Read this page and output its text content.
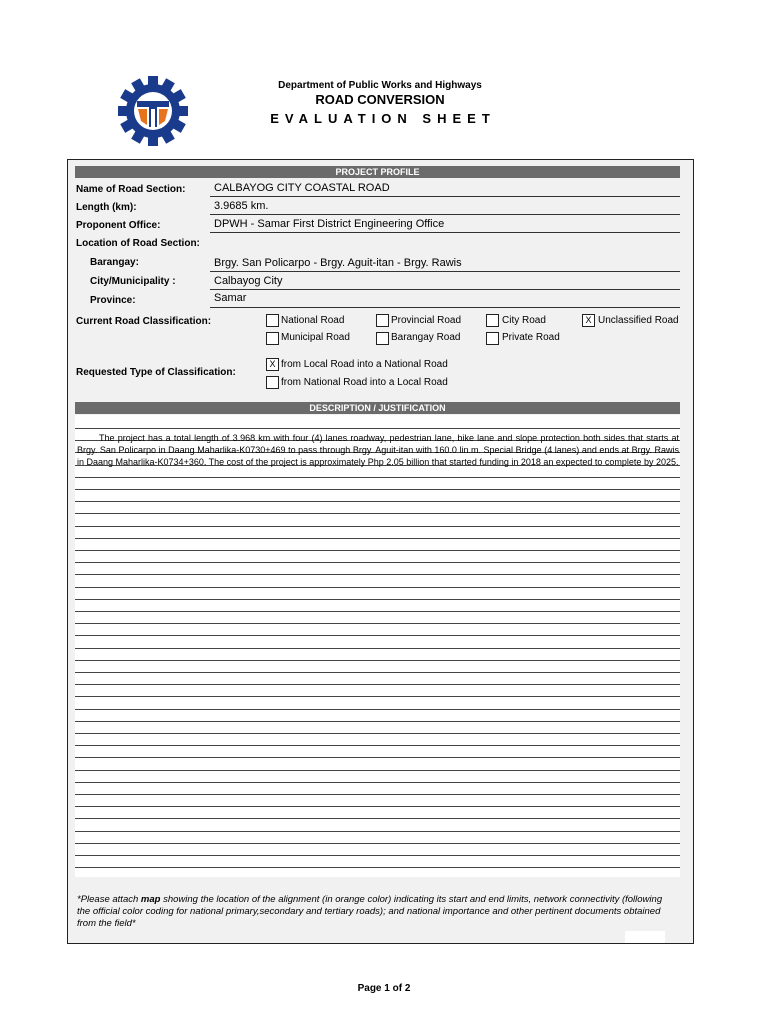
Department of Public Works and Highways
ROAD CONVERSION
EVALUATION SHEET
PROJECT PROFILE
Name of Road Section:	CALBAYOG CITY COASTAL ROAD
Length (km):	3.9685 km.
Proponent Office:	DPWH - Samar First District Engineering Office
Location of Road Section:
Barangay:	Brgy. San Policarpo - Brgy. Aguit-itan - Brgy. Rawis
City/Municipality :	Calbayog City
Province:	Samar
Current Road Classification:	National Road	Provincial Road	City Road	X Unclassified Road
Municipal Road	Barangay Road	Private Road
Requested Type of Classification:
X from Local Road into a National Road
from National Road into a Local Road
DESCRIPTION / JUSTIFICATION
The project has a total length of 3.968 km with four (4) lanes roadway, pedestrian lane, bike lane and slope protection both sides that starts at Brgy. San Policarpo in Daang Maharlika-K0730+469 to pass through Brgy. Aguit-itan with 160.0 lin.m. Special Bridge (4 lanes) and ends at Brgy. Rawis in Daang Maharlika-K0734+360. The cost of the project is approximately Php 2.05 billion that started funding in 2018 an expected to complete by 2025.
*Please attach map showing the location of the alignment (in orange color) indicating its start and end limits, network connectivity (following the official color coding for national primary,secondary and tertiary roads); and national importance and other pertinent documents obtained from the field*
Page 1 of 2
